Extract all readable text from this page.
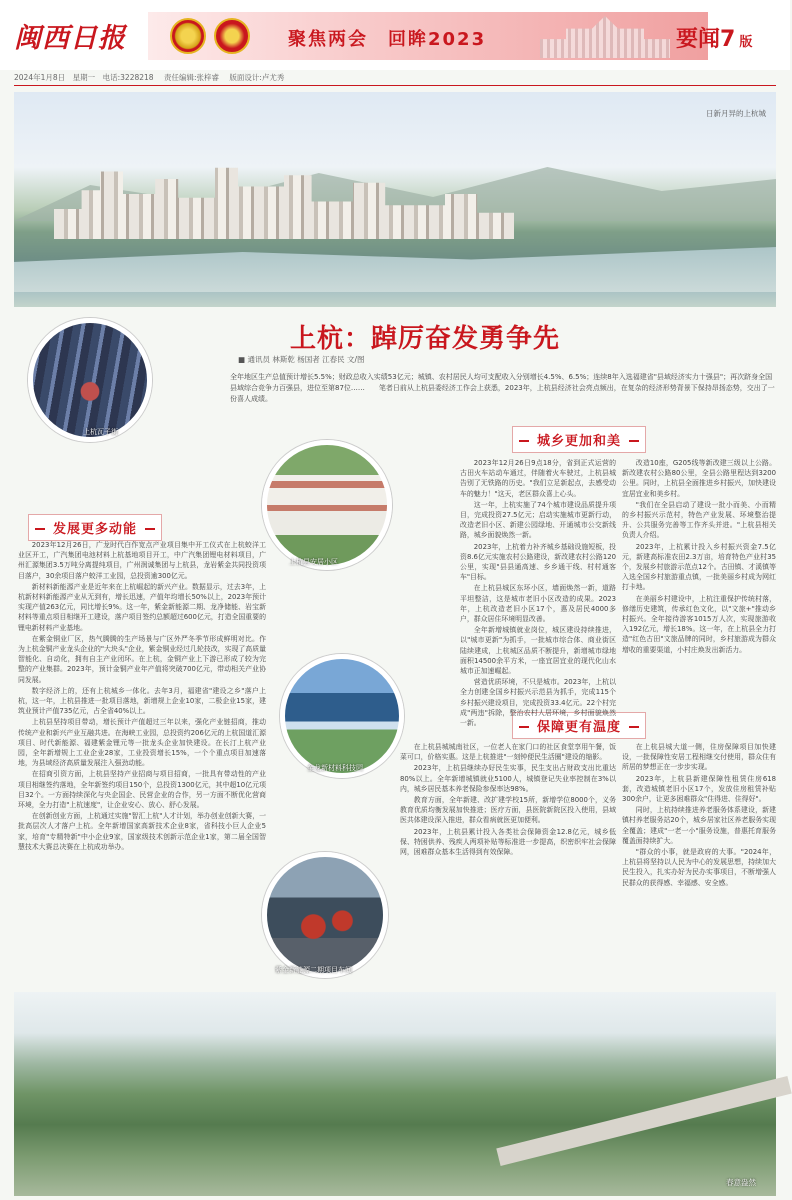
闽西日报	聚焦两会　回眸2023	要闻7 版
2024年1月8日　星期一　电话:3228218 责任编辑:张梓睿 版面设计:卢尤秀
日新月异的上杭城
上杭：踔厉奋发勇争先
■ 通讯员 林斯乾 杨国者 江春民 文/图
全年地区生产总值预计增长5.5%；财政总收入实绩53亿元；城镇、农村居民人均可支配收入分别增长4.5%、6.5%；连续8年入选福建省"县域经济实力十强县"；再次跻身全国县域综合竞争力百强县，进位至第87位……　　笔者日前从上杭县委经济工作会上获悉，2023年，上杭县经济社会亮点频出，在复杂的经济形势背景下保持昂扬态势，交出了一份喜人成绩。
上杭瓦子街
上杭县安居小区
金龙新材料科技园
紫金新能源二期项目车间
发展更多动能
城乡更加和美
保障更有温度

2023年12月26日，广龙时代白作宽点产业项目集中开工仪式在上杭蛟洋工业区开工，广汽集团电池材料上杭基地项目开工，中广汽集团锂电材料项目，广州汇源集团3.5万吨分离提纯项目，广州润诚集团与上杭县，龙岩紫金共同投资项目落户，30余项目落户蛟洋工业园，总投资逾300亿元。

新材料新能源产业是近年来在上杭崛起的新兴产业。数据显示，过去3年，上杭新材料新能源产业从无到有，增长迅速，产值年均增长50%以上，2023年预计实现产值263亿元，同比增长9%。这一年，紫金新能源二期、龙净储能、岩宝新材料等重点项目相继开工建设，落户项目签约总额超过600亿元，打造全国重要的锂电新材料产业基地。

在紫金铜业厂区，热气腾腾的生产场景与广区外严冬季节形成鲜明对比。作为上杭金铜产业龙头企业的"大块头"企业，紫金铜业经过几轮技改，实现了高质量智能化、自动化，拥有自主产业闭环。在上杭，金铜产业上下游已形成了较为完整的产业集群。2023年，预计金铜产业年产值将突破700亿元，带动相关产业协同发展。

数字经济上的，还有上杭城乡一体化。去年3月，福建省"建设之乡"落户上杭，这一年，上杭县推进一批项目落地，新增规上企业10家，二极企业15家，建筑业预计产值735亿元，占全省40%以上。

上杭县坚持项目带动，增长预计产值超过三年以来，强化产业链招商，推动传统产业和新兴产业互融共进。在海峡工业园，总投资约206亿元的上杭国道汇源项目、时代新能源、福建紫金锂元等一批龙头企业加快建设。在长汀上杭产业园，全年新增规上工业企业28家，工业投资增长15%，一个个重点项目加速落地，为县域经济高质量发展注入强劲动能。

在招商引资方面，上杭县坚持产业招商与项目招商，一批具有带动性的产业项目相继签约落地，全年新签约项目150个，总投资1300亿元，其中超10亿元项目32个。一方面持续深化与央企国企、民营企业的合作，另一方面不断优化营商环境，全力打造"上杭速度"，让企业安心、放心、舒心发展。

在创新创业方面，上杭通过实施"智汇上杭"人才计划，举办创业创新大赛，一批高层次人才落户上杭。全年新增国家高新技术企业8家，省科技小巨人企业5家，培育"专精特新"中小企业9家，国家级技术创新示范企业1家，第二届全国智慧技术大赛总决赛在上杭成功举办。

2023年12月26日9点18分，省到正式运营的古田火车站动车通过，伴随着火车驶过，上杭县城告别了无铁路的历史。"我们立足新起点，去感受动车的魅力！"这天，老区群众喜上心头。

这一年，上杭实施了74个城市建设品质提升项目，完成投资27.5亿元；启动实施城市更新行动，改造老旧小区、新建公园绿地、开通城市公交新线路，城乡面貌焕然一新。

2023年，上杭着力补齐城乡基础设施短板，投资8.6亿元实施农村公路建设，新改建农村公路120公里，实现"县县通高速、乡乡通干线、村村通客车"目标。

在上杭县城区东环小区，墙面焕然一新，道路平坦整洁，这是城市老旧小区改造的成果。2023年，上杭改造老旧小区17个，惠及居民4000多户，群众居住环境明显改善。

全年新增城镇就业岗位，城区建设持续推进，以"城市更新"为抓手，一批城市综合体、商业街区陆续建成，上杭城区品质不断提升，新增城市绿地面积14500余平方米，一座宜居宜业的现代化山水城市正加速崛起。

营造优质环境，不只是城市。2023年，上杭以全力创建全国乡村振兴示范县为抓手，完成115个乡村振兴建设项目，完成投资33.4亿元。22个村完成"两违"拆除，整治农村人居环境，乡村面貌焕然一新。

改造10座，G205线等新改建三级以上公路。新改建农村公路80公里，全县公路里程达到3200公里。同时，上杭县全面推进乡村振兴，加快建设宜居宜业和美乡村。

"我们在全县启动了建设一批小而美、小而精的乡村振兴示范村，特色产业发展、环境整治提升、公共服务完善等工作齐头并进。"上杭县相关负责人介绍。

2023年，上杭累计投入乡村振兴资金7.5亿元，新建高标准农田2.3万亩，培育特色产业村35个，发展乡村旅游示范点12个。古田镇、才溪镇等入选全国乡村旅游重点镇，一批美丽乡村成为网红打卡地。

在美丽乡村建设中，上杭注重保护传统村落，修缮历史建筑，传承红色文化，以"文旅+"推动乡村振兴。全年接待游客1015万人次，实现旅游收入192亿元，增长18%。这一年，在上杭县全力打造"红色古田"文旅品牌的同时，乡村旅游成为群众增收的重要渠道，小村庄焕发出新活力。

在上杭县城城南社区，一位老人在家门口的社区食堂享用午餐，饭菜可口，价格实惠。这是上杭推进"一刻钟便民生活圈"建设的缩影。

2023年，上杭县继续办好民生实事，民生支出占财政支出比重达80%以上。全年新增城镇就业5100人，城镇登记失业率控制在3%以内，城乡居民基本养老保险参保率达98%。

教育方面，全年新建、改扩建学校15所，新增学位8000个，义务教育优质均衡发展加快推进；医疗方面，县医院新院区投入使用，县域医共体建设深入推进，群众看病就医更加便利。

2023年，上杭县累计投入各类社会保障资金12.8亿元，城乡低保、特困供养、残疾人两项补贴等标准进一步提高，织密织牢社会保障网，困难群众基本生活得到有效保障。

在上杭县城大道一侧，住房保障项目加快建设，一批保障性安居工程相继交付使用，群众住有所居的梦想正在一步步实现。

2023年，上杭县新建保障性租赁住房618套，改造城镇老旧小区17个，发放住房租赁补贴300余户，让更多困难群众"住得进、住得好"。

同时，上杭持续推进养老服务体系建设，新建镇村养老服务站20个，城乡居家社区养老服务实现全覆盖；建成"一老一小"服务设施，普惠托育服务覆盖面持续扩大。

"群众的小事，就是政府的大事。"2024年，上杭县将坚持以人民为中心的发展思想，持续加大民生投入，扎实办好为民办实事项目，不断增强人民群众的获得感、幸福感、安全感。

春意盎然
